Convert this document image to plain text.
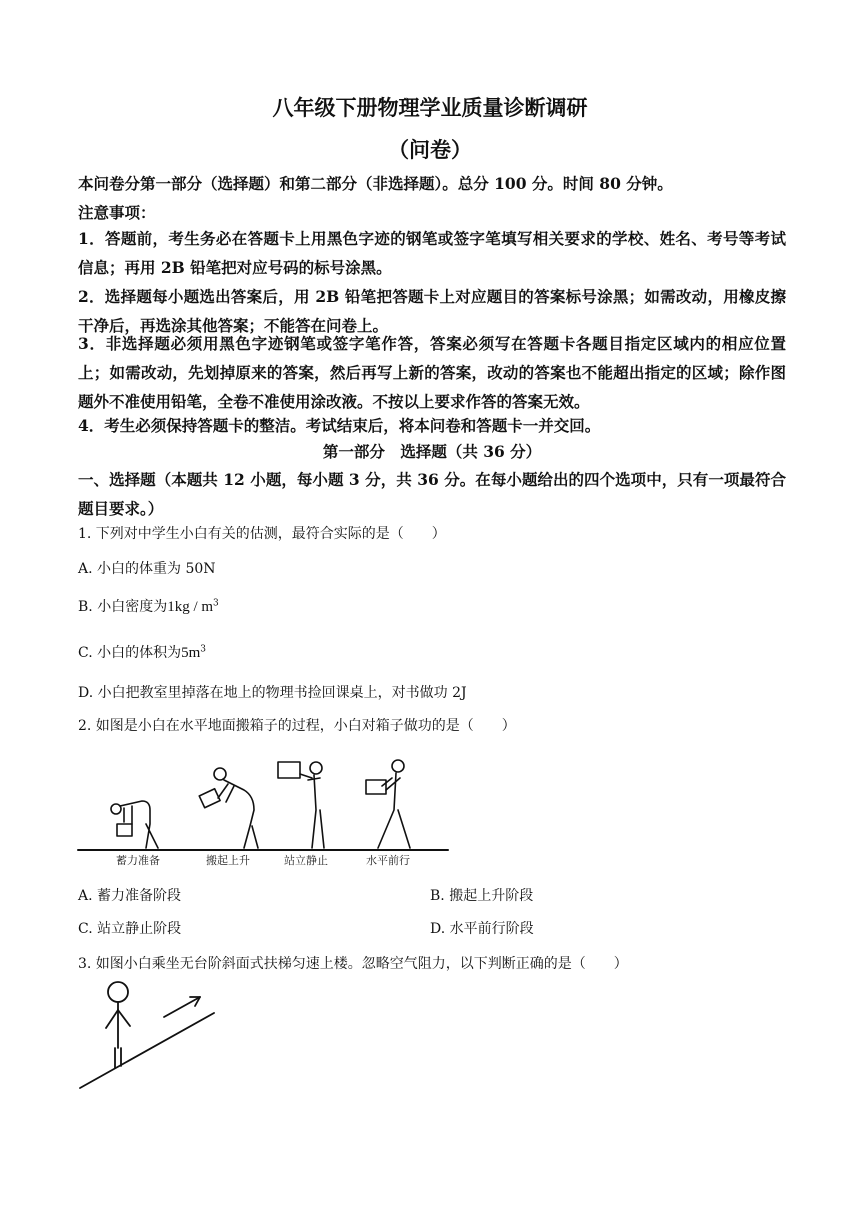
八年级下册物理学业质量诊断调研
（问卷）
本问卷分第一部分（选择题）和第二部分（非选择题）。总分 100 分。时间 80 分钟。
注意事项：
1．答题前，考生务必在答题卡上用黑色字迹的钢笔或签字笔填写相关要求的学校、姓名、考号等考试信息；再用 2B 铅笔把对应号码的标号涂黑。
2．选择题每小题选出答案后，用 2B 铅笔把答题卡上对应题目的答案标号涂黑；如需改动，用橡皮擦干净后，再选涂其他答案；不能答在问卷上。
3．非选择题必须用黑色字迹钢笔或签字笔作答，答案必须写在答题卡各题目指定区域内的相应位置上；如需改动，先划掉原来的答案，然后再写上新的答案，改动的答案也不能超出指定的区域；除作图题外不准使用铅笔，全卷不准使用涂改液。不按以上要求作答的答案无效。
4．考生必须保持答题卡的整洁。考试结束后，将本问卷和答题卡一并交回。
第一部分　选择题（共 36 分）
一、选择题（本题共 12 小题，每小题 3 分，共 36 分。在每小题给出的四个选项中，只有一项最符合题目要求。）
1. 下列对中学生小白有关的估测，最符合实际的是（　　）
A. 小白的体重为 50N
B. 小白密度为$1kg / m^3$
C. 小白的体积为$5m^3$
D. 小白把教室里掉落在地上的物理书捡回课桌上，对书做功 2J
2. 如图是小白在水平地面搬箱子的过程，小白对箱子做功的是（　　）
蓄力准备	搬起上升	站立静止	水平前行
A. 蓄力准备阶段	B. 搬起上升阶段
C. 站立静止阶段	D. 水平前行阶段
3. 如图小白乘坐无台阶斜面式扶梯匀速上楼。忽略空气阻力，以下判断正确的是（　　）
